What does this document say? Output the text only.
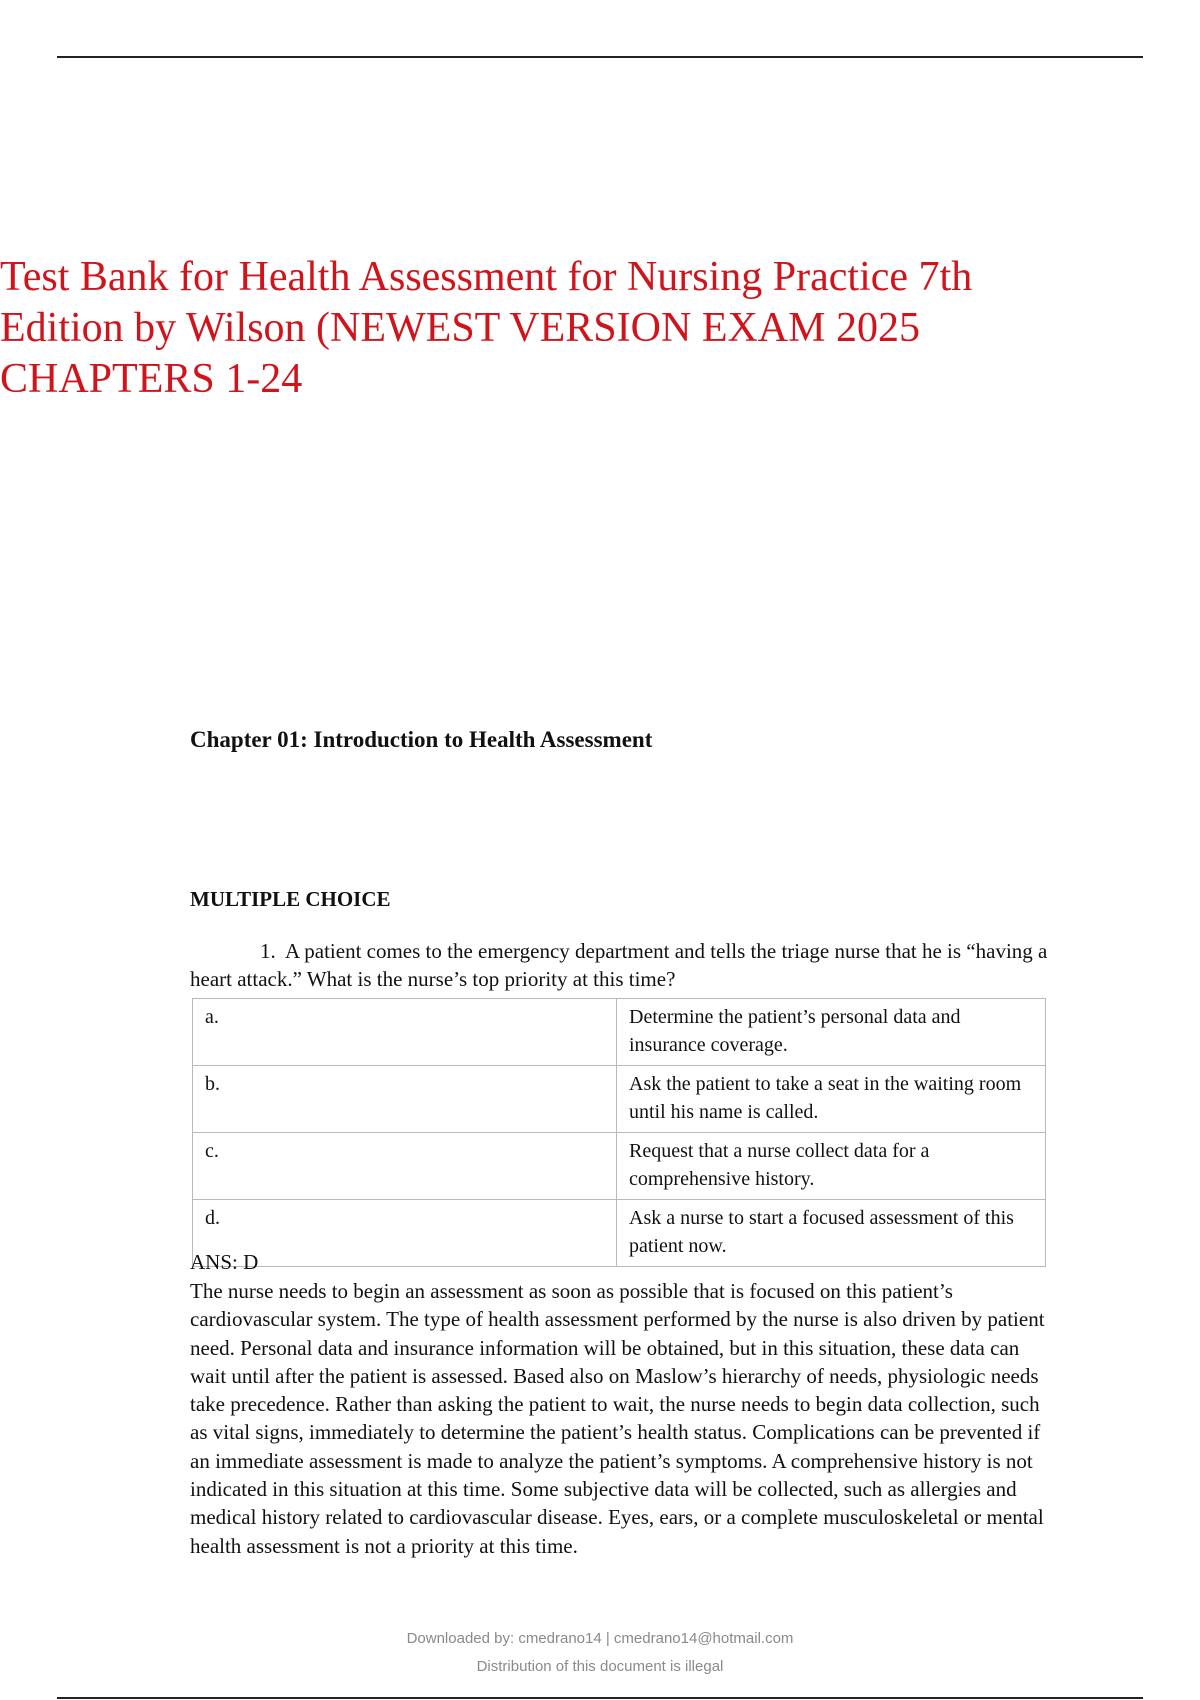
Test Bank for Health Assessment for Nursing Practice 7th Edition by Wilson (NEWEST VERSION EXAM 2025 CHAPTERS 1-24
Chapter 01: Introduction to Health Assessment
MULTIPLE CHOICE

1. A patient comes to the emergency department and tells the triage nurse that he is “having a heart attack.” What is the nurse’s top priority at this time?

a.	Determine the patient’s personal data and insurance coverage.
b.	Ask the patient to take a seat in the waiting room until his name is called.
c.	Request that a nurse collect data for a comprehensive history.
d.	Ask a nurse to start a focused assessment of this patient now.

ANS: D

The nurse needs to begin an assessment as soon as possible that is focused on this patient’s cardiovascular system. The type of health assessment performed by the nurse is also driven by patient need. Personal data and insurance information will be obtained, but in this situation, these data can wait until after the patient is assessed. Based also on Maslow’s hierarchy of needs, physiologic needs take precedence. Rather than asking the patient to wait, the nurse needs to begin data collection, such as vital signs, immediately to determine the patient’s health status. Complications can be prevented if an immediate assessment is made to analyze the patient’s symptoms. A comprehensive history is not indicated in this situation at this time. Some subjective data will be collected, such as allergies and medical history related to cardiovascular disease. Eyes, ears, or a complete musculoskeletal or mental health assessment is not a priority at this time.

Downloaded by: cmedrano14 | cmedrano14@hotmail.com
Distribution of this document is illegal
